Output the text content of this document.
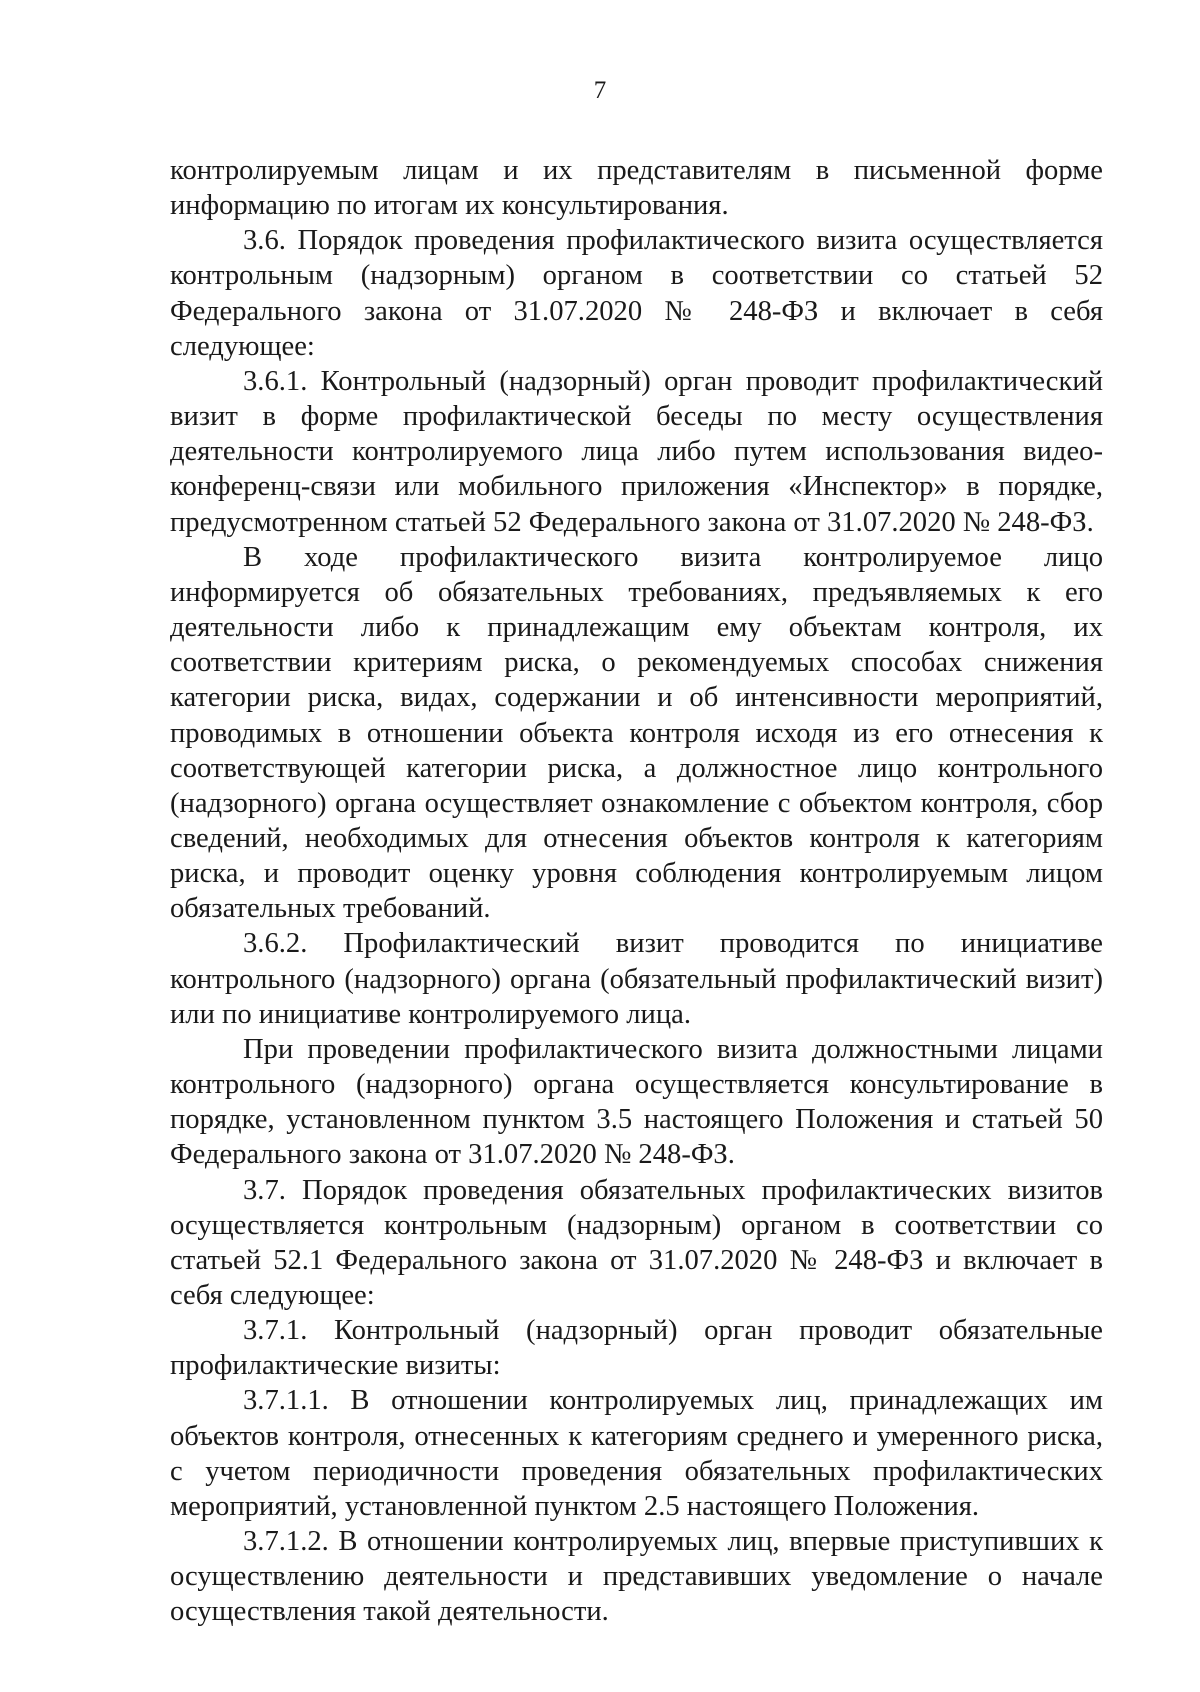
7

контролируемым лицам и их представителям в письменной форме информацию по итогам их консультирования.

3.6. Порядок проведения профилактического визита осуществляется контрольным (надзорным) органом в соответствии со статьей 52 Федерального закона от 31.07.2020 № 248-ФЗ и включает в себя следующее:

3.6.1. Контрольный (надзорный) орган проводит профилактический визит в форме профилактической беседы по месту осуществления деятельности контролируемого лица либо путем использования видео-конференц-связи или мобильного приложения «Инспектор» в порядке, предусмотренном статьей 52 Федерального закона от 31.07.2020 № 248-ФЗ.

В ходе профилактического визита контролируемое лицо информируется об обязательных требованиях, предъявляемых к его деятельности либо к принадлежащим ему объектам контроля, их соответствии критериям риска, о рекомендуемых способах снижения категории риска, видах, содержании и об интенсивности мероприятий, проводимых в отношении объекта контроля исходя из его отнесения к соответствующей категории риска, а должностное лицо контрольного (надзорного) органа осуществляет ознакомление с объектом контроля, сбор сведений, необходимых для отнесения объектов контроля к категориям риска, и проводит оценку уровня соблюдения контролируемым лицом обязательных требований.

3.6.2. Профилактический визит проводится по инициативе контрольного (надзорного) органа (обязательный профилактический визит) или по инициативе контролируемого лица.

При проведении профилактического визита должностными лицами контрольного (надзорного) органа осуществляется консультирование в порядке, установленном пунктом 3.5 настоящего Положения и статьей 50 Федерального закона от 31.07.2020 № 248-ФЗ.

3.7. Порядок проведения обязательных профилактических визитов осуществляется контрольным (надзорным) органом в соответствии со статьей 52.1 Федерального закона от 31.07.2020 № 248-ФЗ и включает в себя следующее:

3.7.1. Контрольный (надзорный) орган проводит обязательные профилактические визиты:

3.7.1.1. В отношении контролируемых лиц, принадлежащих им объектов контроля, отнесенных к категориям среднего и умеренного риска, с учетом периодичности проведения обязательных профилактических мероприятий, установленной пунктом 2.5 настоящего Положения.

3.7.1.2. В отношении контролируемых лиц, впервые приступивших к осуществлению деятельности и представивших уведомление о начале осуществления такой деятельности.
